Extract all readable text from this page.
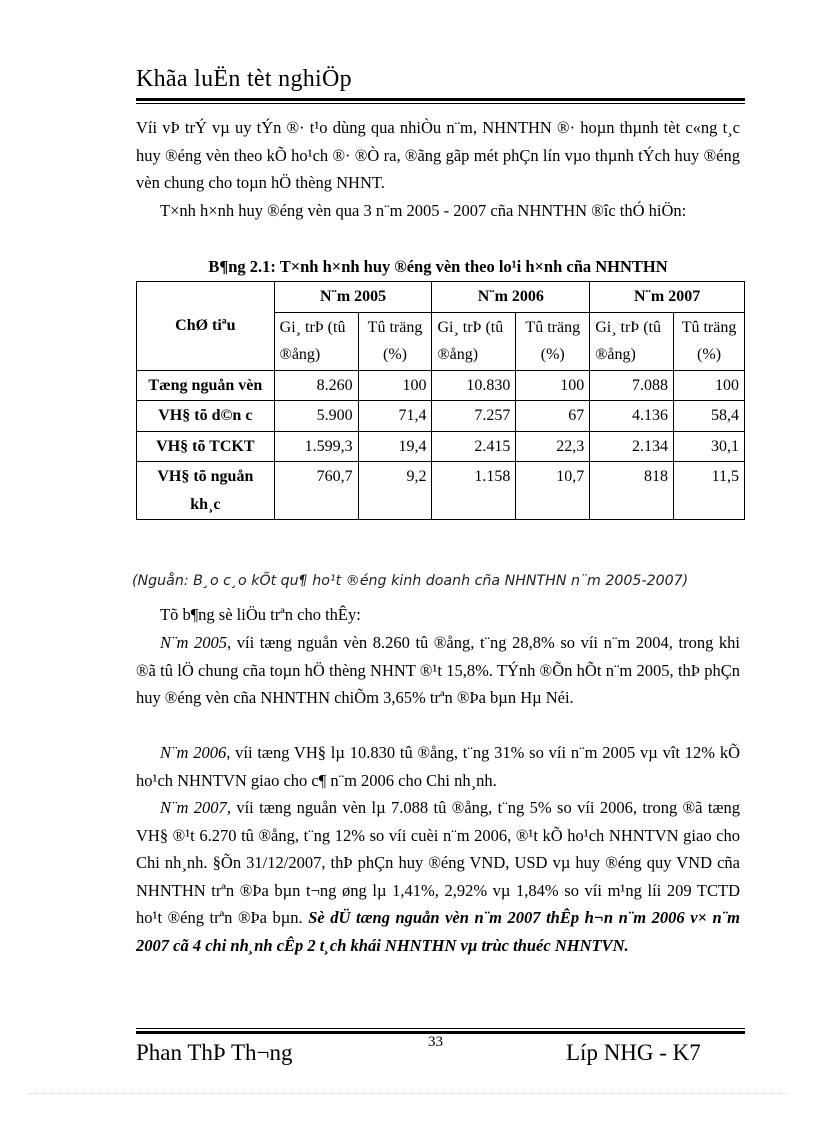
Khãa luËn tèt nghiÖp

Víi vÞ trÝ vµ uy tÝn ®· t¹o dùng qua nhiÒu n¨m, NHNTHN ®· hoµn thµnh tèt c«ng t¸c huy ®éng vèn theo kÕ ho¹ch ®· ®Ò ra, ®ãng gãp mét phÇn lín vµo thµnh tÝch huy ®éng vèn chung cho toµn hÖ thèng NHNT.

T×nh h×nh huy ®éng vèn qua 3 n¨m 2005 - 2007 cña NHNTHN ®îc thÓ hiÖn:

B¶ng 2.1: T×nh h×nh huy ®éng vèn theo lo¹i h×nh cña NHNTHN
ChØ tiªu	N¨m 2005		N¨m 2006		N¨m 2007	
	Gi¸ trÞ (tû ®ång)	Tû träng (%)	Gi¸ trÞ (tû ®ång)	Tû träng (%)	Gi¸ trÞ (tû ®ång)	Tû träng (%)
Tæng nguån vèn	8.260	100	10.830	100	7.088	100
VH§ tõ d©n c	5.900	71,4	7.257	67	4.136	58,4
VH§ tõ TCKT	1.599,3	19,4	2.415	22,3	2.134	30,1
VH§ tõ nguån kh¸c	760,7	9,2	1.158	10,7	818	11,5
(Nguån: B¸o c¸o kÕt qu¶ ho¹t ®éng kinh doanh cña NHNTHN n¨m 2005-2007)

Tõ b¶ng sè liÖu trªn cho thÊy:

N¨m 2005, víi tæng nguån vèn 8.260 tû ®ång, t¨ng 28,8% so víi n¨m 2004, trong khi ®ã tû lÖ chung cña toµn hÖ thèng NHNT ®¹t 15,8%. TÝnh ®Õn hÕt n¨m 2005, thÞ phÇn huy ®éng vèn cña NHNTHN chiÕm 3,65% trªn ®Þa bµn Hµ Néi.

N¨m 2006, víi tæng VH§ lµ 10.830 tû ®ång, t¨ng 31% so víi n¨m 2005 vµ vît 12% kÕ ho¹ch NHNTVN giao cho c¶ n¨m 2006 cho Chi nh¸nh.

N¨m 2007, víi tæng nguån vèn lµ 7.088 tû ®ång, t¨ng 5% so víi 2006, trong ®ã tæng VH§ ®¹t 6.270 tû ®ång, t¨ng 12% so víi cuèi n¨m 2006, ®¹t kÕ ho¹ch NHNTVN giao cho Chi nh¸nh. §Õn 31/12/2007, thÞ phÇn huy ®éng VND, USD vµ huy ®éng quy VND cña NHNTHN trªn ®Þa bµn t¬ng øng lµ 1,41%, 2,92% vµ 1,84% so víi m¹ng líi 209 TCTD ho¹t ®éng trªn ®Þa bµn. Sè dÜ tæng nguån vèn n¨m 2007 thÊp h¬n n¨m 2006 v× n¨m 2007 cã 4 chi nh¸nh cÊp 2 t¸ch khái NHNTHN vµ trùc thuéc NHNTVN.

Phan ThÞ Th¬ng	33	Líp NHG - K7
